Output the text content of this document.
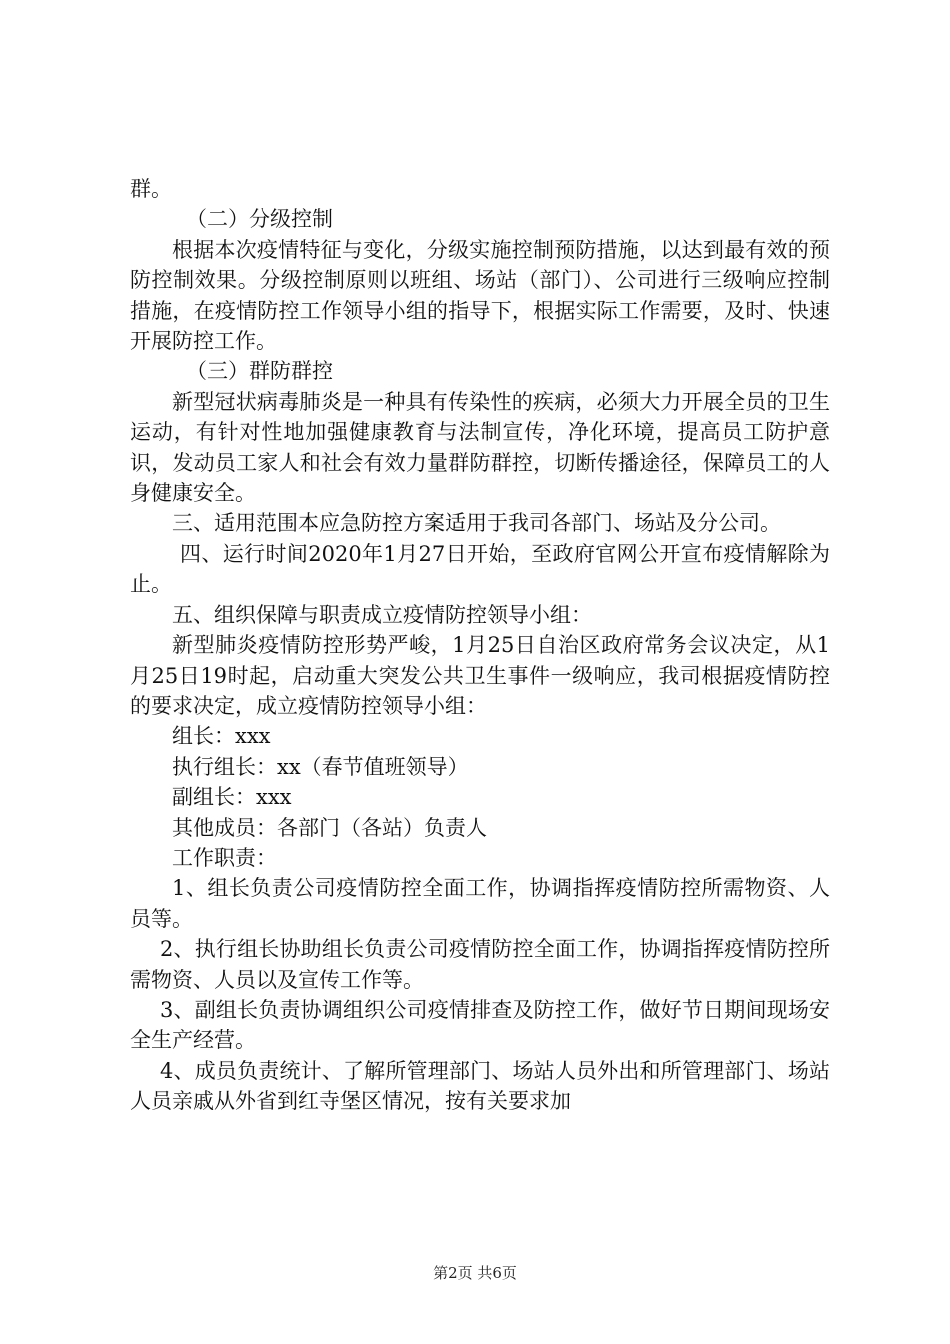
群。

（二）分级控制

根据本次疫情特征与变化，分级实施控制预防措施，以达到最有效的预防控制效果。分级控制原则以班组、场站（部门）、公司进行三级响应控制措施，在疫情防控工作领导小组的指导下，根据实际工作需要，及时、快速开展防控工作。

（三）群防群控

新型冠状病毒肺炎是一种具有传染性的疾病，必须大力开展全员的卫生运动，有针对性地加强健康教育与法制宣传，净化环境，提高员工防护意识，发动员工家人和社会有效力量群防群控，切断传播途径，保障员工的人身健康安全。

三、适用范围本应急防控方案适用于我司各部门、场站及分公司。

四、运行时间2020年1月27日开始，至政府官网公开宣布疫情解除为止。

五、组织保障与职责成立疫情防控领导小组：

新型肺炎疫情防控形势严峻，1月25日自治区政府常务会议决定，从1月25日19时起，启动重大突发公共卫生事件一级响应，我司根据疫情防控的要求决定，成立疫情防控领导小组：

组长：xxx

执行组长：xx（春节值班领导）

副组长：xxx

其他成员：各部门（各站）负责人

工作职责：

1、组长负责公司疫情防控全面工作，协调指挥疫情防控所需物资、人员等。

2、执行组长协助组长负责公司疫情防控全面工作，协调指挥疫情防控所需物资、人员以及宣传工作等。

3、副组长负责协调组织公司疫情排查及防控工作，做好节日期间现场安全生产经营。

4、成员负责统计、了解所管理部门、场站人员外出和所管理部门、场站人员亲戚从外省到红寺堡区情况，按有关要求加

第2页 共6页
